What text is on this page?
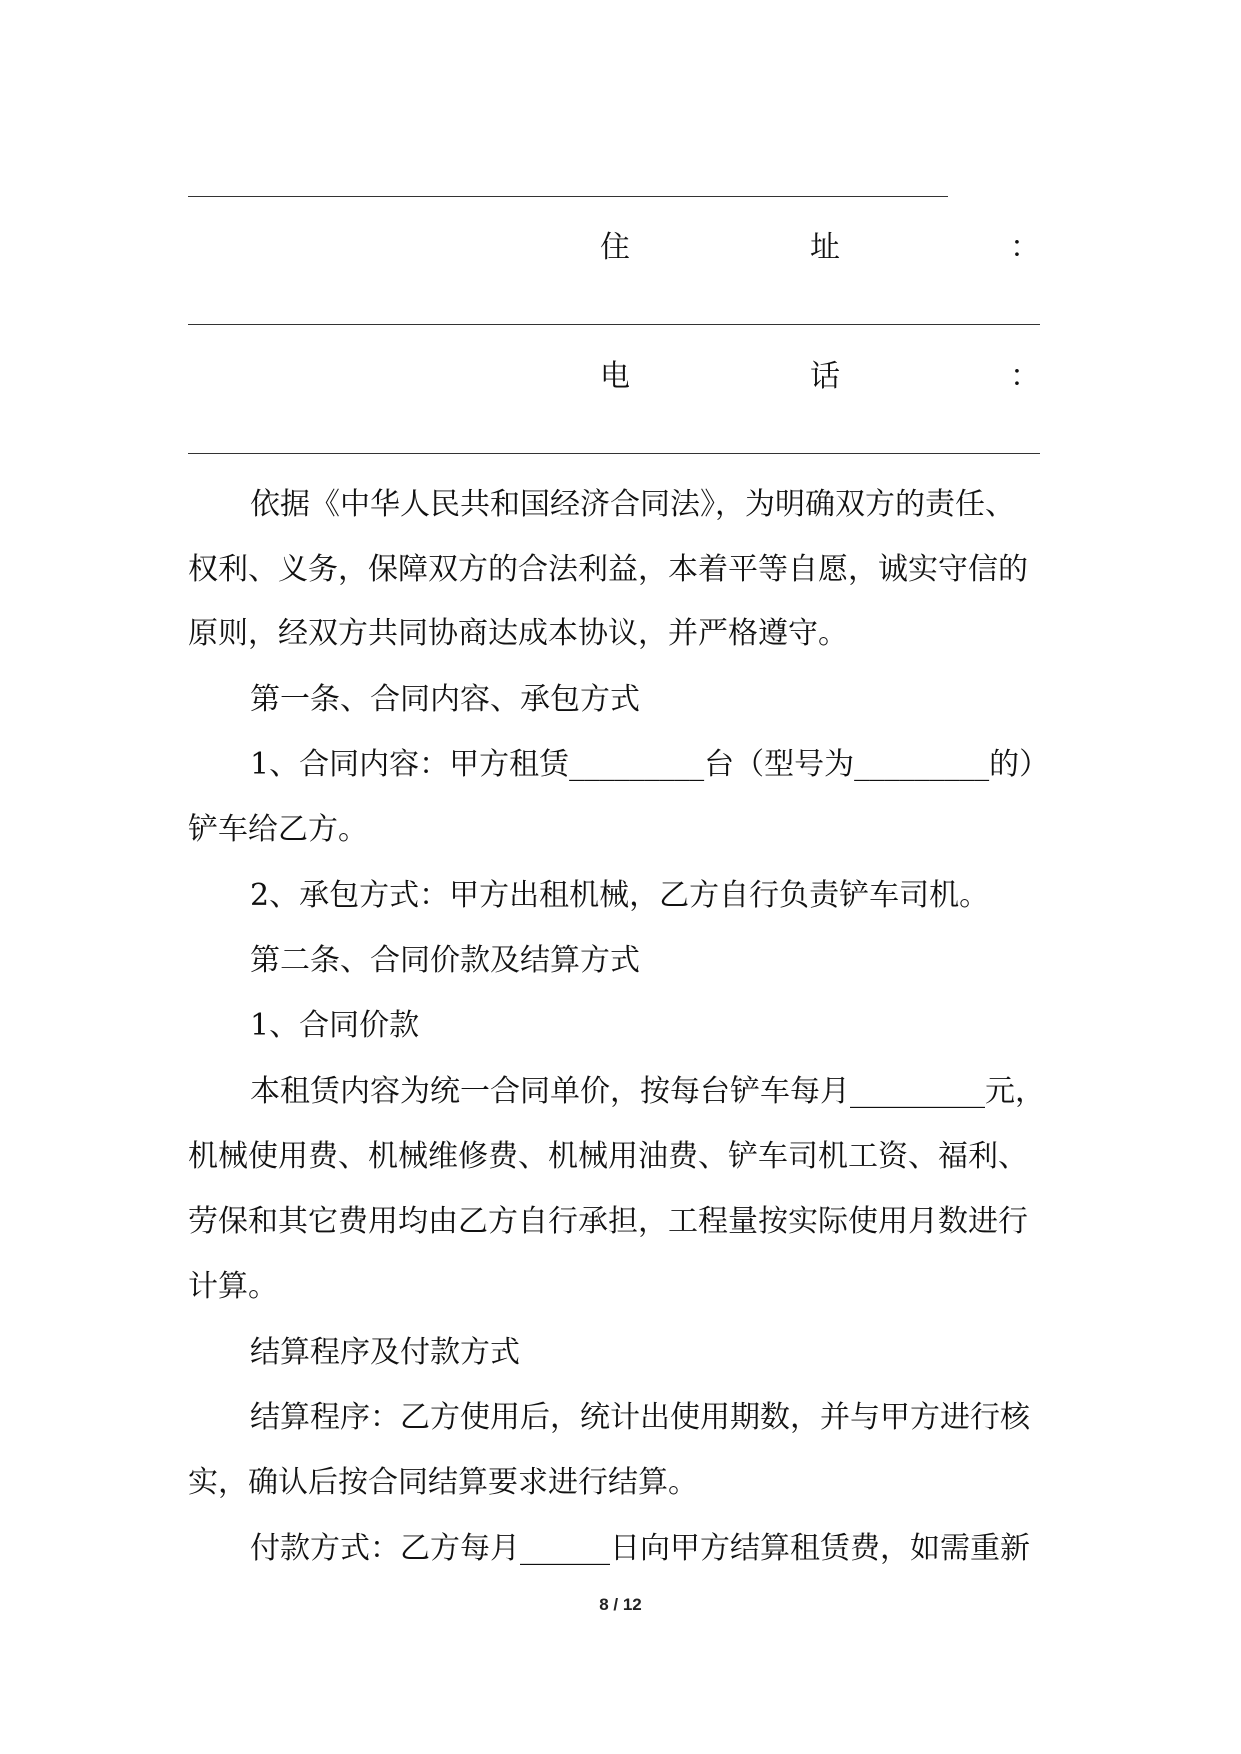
住	址	：
电	话	：
依据《中华人民共和国经济合同法》，为明确双方的责任、
权利、义务，保障双方的合法利益，本着平等自愿，诚实守信的
原则，经双方共同协商达成本协议，并严格遵守。
第一条、合同内容、承包方式
1、合同内容：甲方租赁_________台（型号为_________的）
铲车给乙方。
2、承包方式：甲方出租机械，乙方自行负责铲车司机。
第二条、合同价款及结算方式
1、合同价款
本租赁内容为统一合同单价，按每台铲车每月_________元，
机械使用费、机械维修费、机械用油费、铲车司机工资、福利、
劳保和其它费用均由乙方自行承担，工程量按实际使用月数进行
计算。
结算程序及付款方式
结算程序：乙方使用后，统计出使用期数，并与甲方进行核
实，确认后按合同结算要求进行结算。
付款方式：乙方每月______日向甲方结算租赁费，如需重新
8 / 12
